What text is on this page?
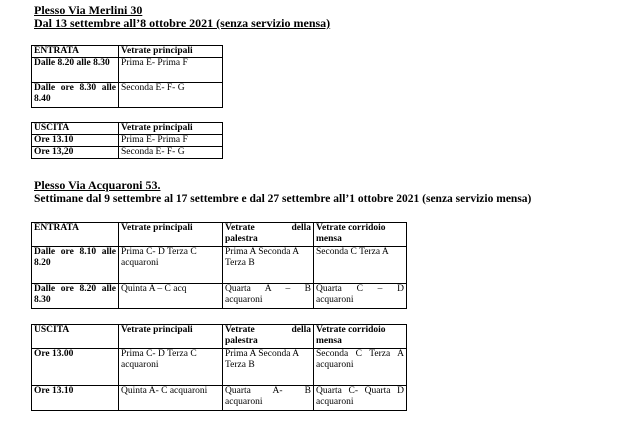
Plesso Via Merlini 30
Dal 13 settembre all’8 ottobre 2021 (senza servizio mensa)
ENTRATA	Vetrate principali
Dalle 8.20 alle 8.30	Prima E- Prima F
Dalle ore 8.30 alle 8.40	Seconda E- F- G
USCITA	Vetrate principali
Ore 13.10	Prima E- Prima F
Ore 13,20	Seconda E- F- G
Plesso Via Acquaroni 53.
Settimane dal 9 settembre al 17 settembre e dal 27 settembre all’1 ottobre 2021 (senza servizio mensa)
ENTRATA	Vetrate principali	Vetrate della palestra	Vetrate corridoio mensa
Dalle ore 8.10 alle 8.20	Prima C- D Terza C acquaroni	Prima A Seconda A Terza B	Seconda C Terza A
Dalle ore 8.20 alle 8.30	Quinta A – C acq	Quarta A – B acquaroni	Quarta C – D acquaroni
USCITA	Vetrate principali	Vetrate della palestra	Vetrate corridoio mensa
Ore 13.00	Prima C- D Terza C acquaroni	Prima A Seconda A Terza B	Seconda C Terza A acquaroni
Ore 13.10	Quinta A- C acquaroni	Quarta A- B acquaroni	Quarta C- Quarta D acquaroni
